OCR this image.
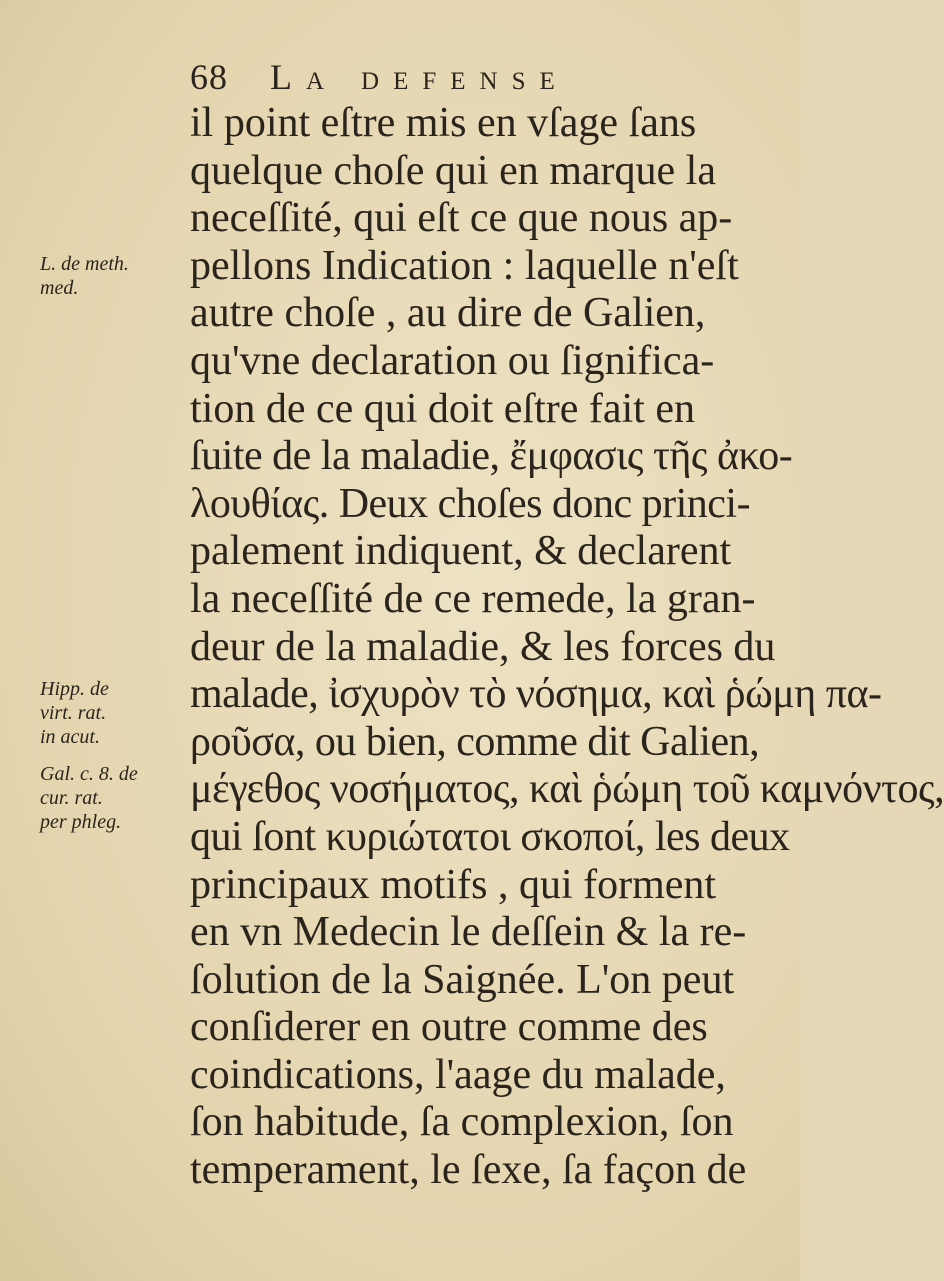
68 La defense
L. de meth.
med.
Hipp. de
virt. rat.
in acut.
Gal. c. 8. de
cur. rat.
per phleg.
il point eſtre mis en vſage ſans
quelque choſe qui en marque la
neceſſité, qui eſt ce que nous ap-
pellons Indication : laquelle n'eſt
autre choſe , au dire de Galien,
qu'vne declaration ou ſignifica-
tion de ce qui doit eſtre fait en
ſuite de la maladie, ἔμφασις τῆς ἀκο-
λουθίας. Deux choſes donc princi-
palement indiquent, & declarent
la neceſſité de ce remede, la gran-
deur de la maladie, & les forces du
malade, ἰσχυρὸν τὸ νόσημα, καὶ ῥώμη πα-
ροῦσα, ou bien, comme dit Galien,
μέγεθος νοσήματος, καὶ ῥώμη τοῦ καμνόντος,
qui ſont κυριώτατοι σκοποί, les deux
principaux motifs , qui forment
en vn Medecin le deſſein & la re-
ſolution de la Saignée. L'on peut
conſiderer en outre comme des
coindications, l'aage du malade,
ſon habitude, ſa complexion, ſon
temperament, le ſexe, ſa façon de
